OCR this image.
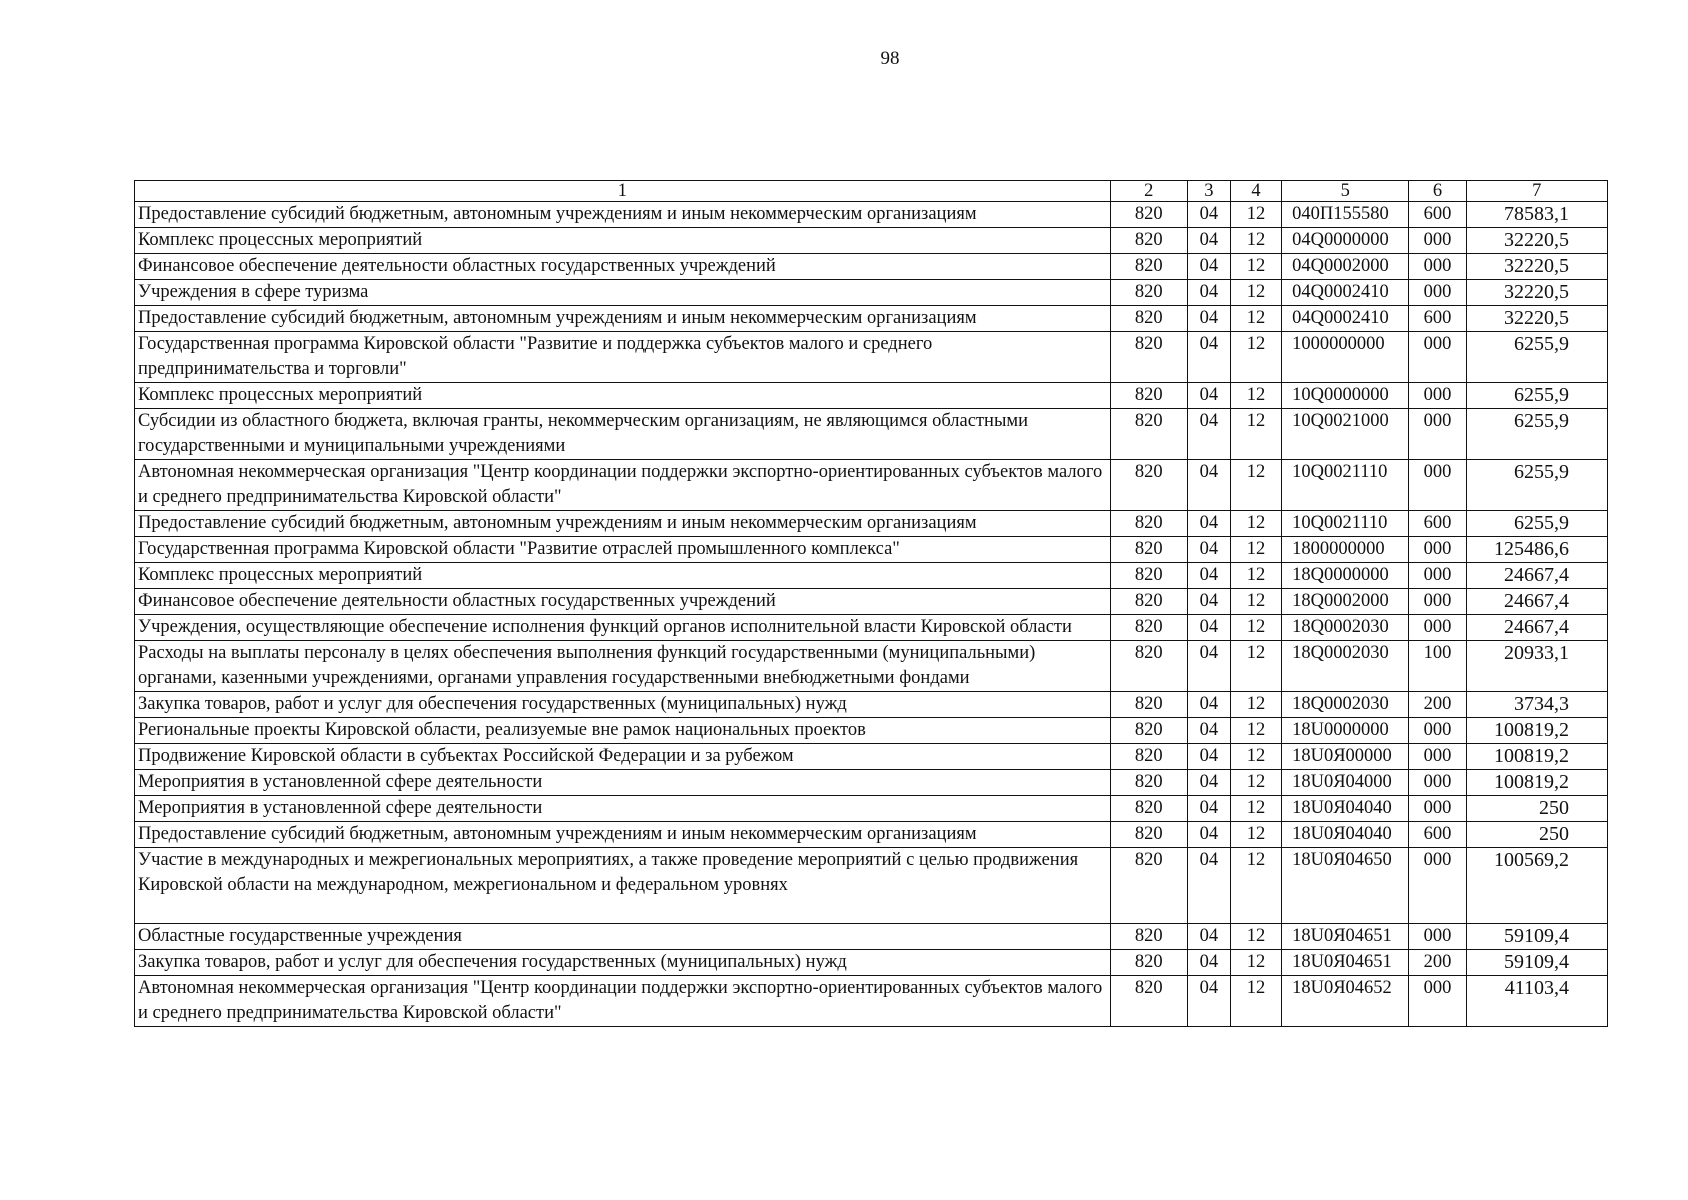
98
1	2	3	4	5	6	7
Предоставление субсидий бюджетным, автономным учреждениям и иным некоммерческим организациям	820	04	12	040П155580	600	78583,1
Комплекс процессных мероприятий	820	04	12	04Q0000000	000	32220,5
Финансовое обеспечение деятельности областных государственных учреждений	820	04	12	04Q0002000	000	32220,5
Учреждения в сфере туризма	820	04	12	04Q0002410	000	32220,5
Предоставление субсидий бюджетным, автономным учреждениям и иным некоммерческим организациям	820	04	12	04Q0002410	600	32220,5
Государственная программа Кировской области "Развитие и поддержка субъектов малого и среднего предпринимательства и торговли"	820	04	12	1000000000	000	6255,9
Комплекс процессных мероприятий	820	04	12	10Q0000000	000	6255,9
Субсидии из областного бюджета, включая гранты, некоммерческим организациям, не являющимся областными государственными и муниципальными учреждениями	820	04	12	10Q0021000	000	6255,9
Автономная некоммерческая организация "Центр координации поддержки экспортно-ориентированных субъектов малого и среднего предпринимательства Кировской области"	820	04	12	10Q0021110	000	6255,9
Предоставление субсидий бюджетным, автономным учреждениям и иным некоммерческим организациям	820	04	12	10Q0021110	600	6255,9
Государственная программа Кировской области "Развитие отраслей промышленного комплекса"	820	04	12	1800000000	000	125486,6
Комплекс процессных мероприятий	820	04	12	18Q0000000	000	24667,4
Финансовое обеспечение деятельности областных государственных учреждений	820	04	12	18Q0002000	000	24667,4
Учреждения, осуществляющие обеспечение исполнения функций органов исполнительной власти Кировской области	820	04	12	18Q0002030	000	24667,4
Расходы на выплаты персоналу в целях обеспечения выполнения функций государственными (муниципальными) органами, казенными учреждениями, органами управления государственными внебюджетными фондами	820	04	12	18Q0002030	100	20933,1
Закупка товаров, работ и услуг для обеспечения государственных (муниципальных) нужд	820	04	12	18Q0002030	200	3734,3
Региональные проекты Кировской области, реализуемые вне рамок национальных проектов	820	04	12	18U0000000	000	100819,2
Продвижение Кировской области в субъектах Российской Федерации и за рубежом	820	04	12	18U0Я00000	000	100819,2
Мероприятия в установленной сфере деятельности	820	04	12	18U0Я04000	000	100819,2
Мероприятия в установленной сфере деятельности	820	04	12	18U0Я04040	000	250
Предоставление субсидий бюджетным, автономным учреждениям и иным некоммерческим организациям	820	04	12	18U0Я04040	600	250
Участие в международных и межрегиональных мероприятиях, а также проведение мероприятий с целью продвижения Кировской области на международном, межрегиональном и федеральном уровнях	820	04	12	18U0Я04650	000	100569,2
Областные государственные учреждения	820	04	12	18U0Я04651	000	59109,4
Закупка товаров, работ и услуг для обеспечения государственных (муниципальных) нужд	820	04	12	18U0Я04651	200	59109,4
Автономная некоммерческая организация "Центр координации поддержки экспортно-ориентированных субъектов малого и среднего предпринимательства Кировской области"	820	04	12	18U0Я04652	000	41103,4
